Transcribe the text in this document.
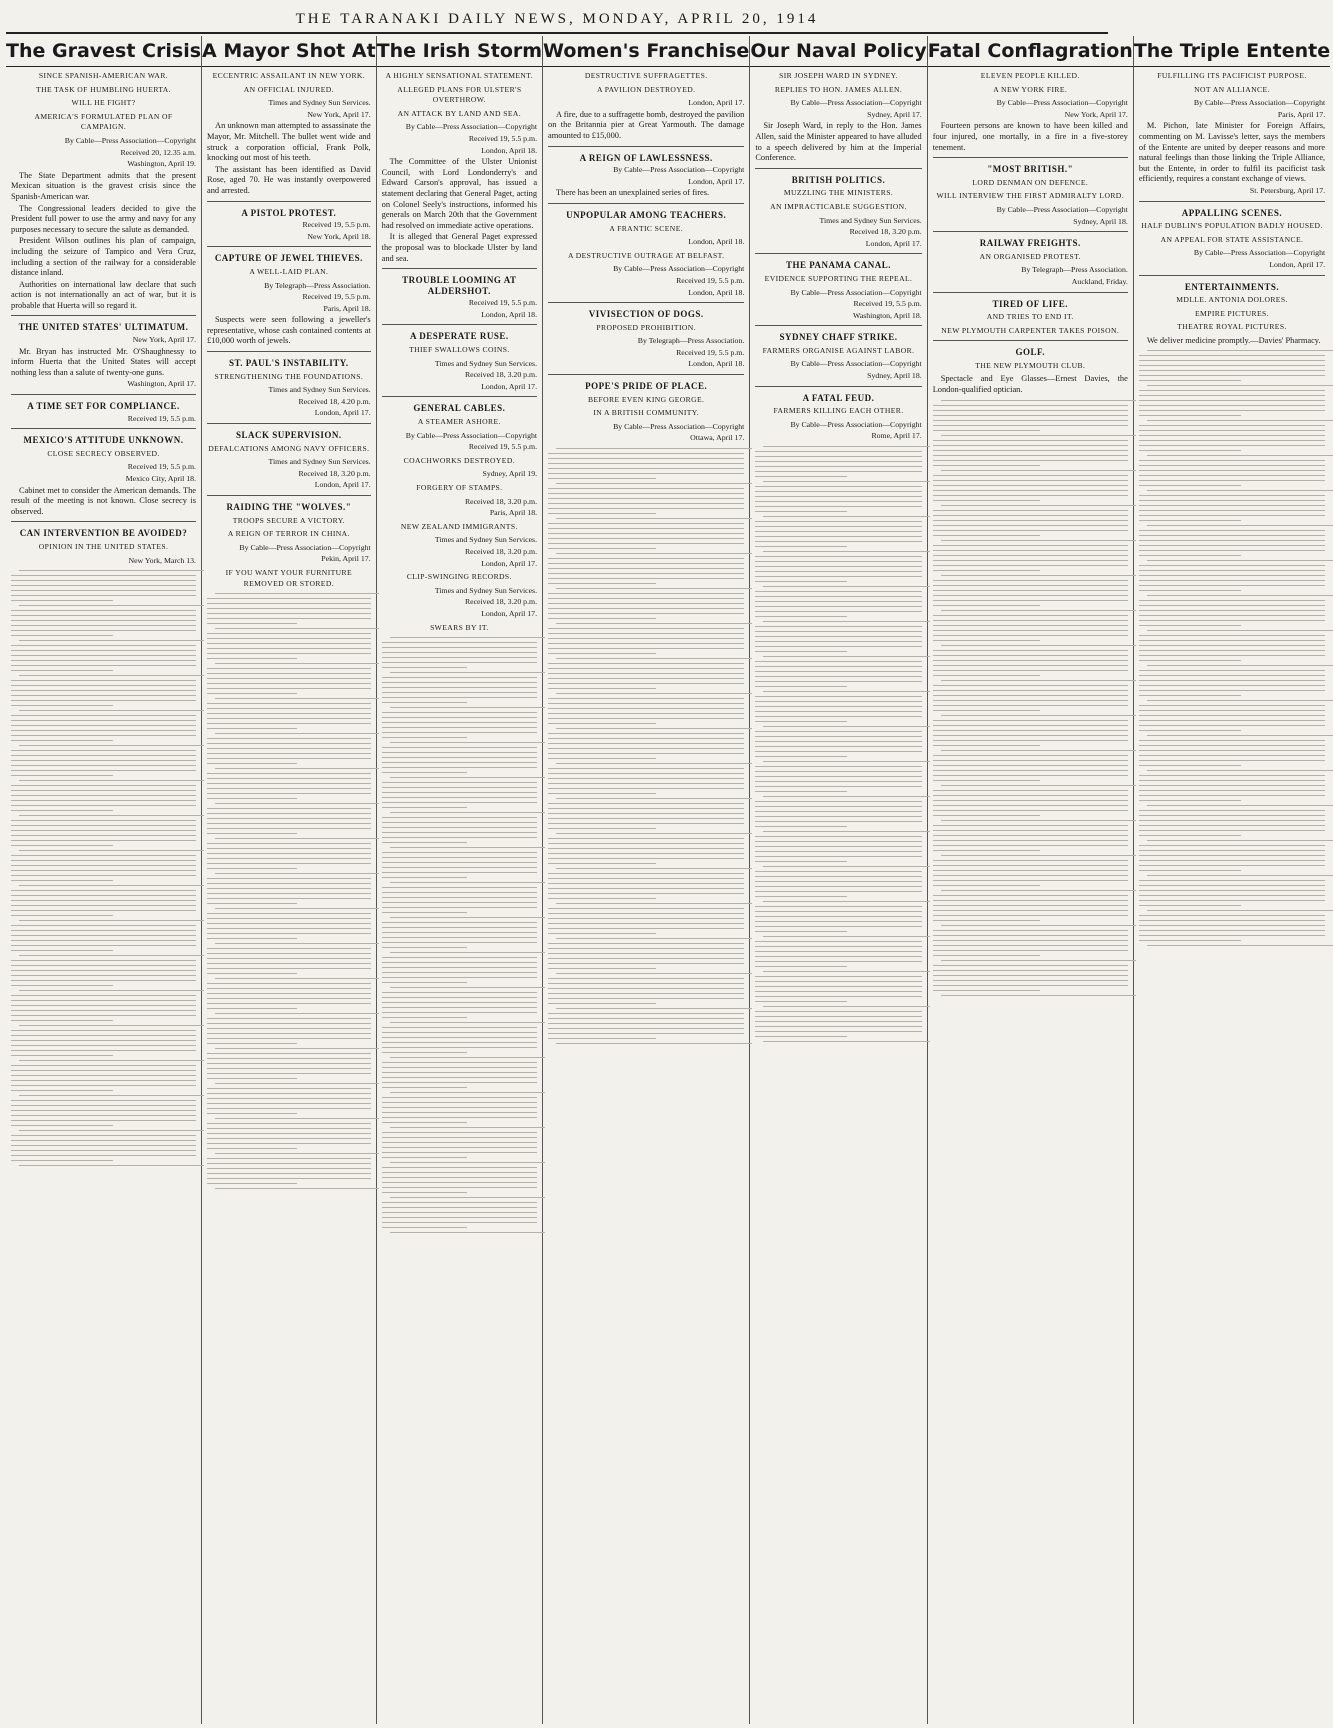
THE TARANAKI DAILY NEWS, MONDAY, APRIL 20, 1914
The Gravest Crisis
SINCE SPANISH-AMERICAN WAR.
THE TASK OF HUMBLING HUERTA.
WILL HE FIGHT?
AMERICA'S FORMULATED PLAN OF CAMPAIGN.
By Cable—Press Association—Copyright
Received 20, 12.35 a.m.
Washington, April 19.

The State Department admits that the present Mexican situation is the gravest crisis since the Spanish-American war.

The Congressional leaders decided to give the President full power to use the army and navy for any purposes necessary to secure the salute as demanded.

President Wilson outlines his plan of campaign, including the seizure of Tampico and Vera Cruz, including a section of the railway for a considerable distance inland.

Authorities on international law declare that such action is not internationally an act of war, but it is probable that Huerta will so regard it.

THE UNITED STATES' ULTIMATUM.
New York, April 17.

Mr. Bryan has instructed Mr. O'Shaughnessy to inform Huerta that the United States will accept nothing less than a salute of twenty-one guns.

Washington, April 17.
A TIME SET FOR COMPLIANCE.
Received 19, 5.5 p.m.
MEXICO'S ATTITUDE UNKNOWN.
CLOSE SECRECY OBSERVED.
Received 19, 5.5 p.m.
Mexico City, April 18.

Cabinet met to consider the American demands. The result of the meeting is not known. Close secrecy is observed.

CAN INTERVENTION BE AVOIDED?
OPINION IN THE UNITED STATES.
New York, March 13.
A Mayor Shot At
ECCENTRIC ASSAILANT IN NEW YORK.
AN OFFICIAL INJURED.
Times and Sydney Sun Services.
New York, April 17.

An unknown man attempted to assassinate the Mayor, Mr. Mitchell. The bullet went wide and struck a corporation official, Frank Polk, knocking out most of his teeth.

The assistant has been identified as David Rose, aged 70. He was instantly overpowered and arrested.

A PISTOL PROTEST.
Received 19, 5.5 p.m.
New York, April 18.
CAPTURE OF JEWEL THIEVES.
A WELL-LAID PLAN.
By Telegraph—Press Association.
Received 19, 5.5 p.m.
Paris, April 18.

Suspects were seen following a jeweller's representative, whose cash contained contents at £10,000 worth of jewels.

ST. PAUL'S INSTABILITY.
STRENGTHENING THE FOUNDATIONS.
Times and Sydney Sun Services.
Received 18, 4.20 p.m.
London, April 17.
SLACK SUPERVISION.
DEFALCATIONS AMONG NAVY OFFICERS.
Times and Sydney Sun Services.
Received 18, 3.20 p.m.
London, April 17.
RAIDING THE "WOLVES."
TROOPS SECURE A VICTORY.
A REIGN OF TERROR IN CHINA.
By Cable—Press Association—Copyright
Pekin, April 17.
IF YOU WANT YOUR FURNITURE REMOVED OR STORED.
The Irish Storm
A HIGHLY SENSATIONAL STATEMENT.
ALLEGED PLANS FOR ULSTER'S OVERTHROW.
AN ATTACK BY LAND AND SEA.
By Cable—Press Association—Copyright
Received 19, 5.5 p.m.
London, April 18.

The Committee of the Ulster Unionist Council, with Lord Londonderry's and Edward Carson's approval, has issued a statement declaring that General Paget, acting on Colonel Seely's instructions, informed his generals on March 20th that the Government had resolved on immediate active operations.

It is alleged that General Paget expressed the proposal was to blockade Ulster by land and sea.

TROUBLE LOOMING AT ALDERSHOT.
Received 19, 5.5 p.m.
London, April 18.
A DESPERATE RUSE.
THIEF SWALLOWS COINS.
Times and Sydney Sun Services.
Received 18, 3.20 p.m.
London, April 17.
GENERAL CABLES.
A STEAMER ASHORE.
By Cable—Press Association—Copyright
Received 19, 5.5 p.m.
COACHWORKS DESTROYED.
Sydney, April 19.
FORGERY OF STAMPS.
Received 18, 3.20 p.m.
Paris, April 18.
NEW ZEALAND IMMIGRANTS.
Times and Sydney Sun Services.
Received 18, 3.20 p.m.
London, April 17.
CLIP-SWINGING RECORDS.
Times and Sydney Sun Services.
Received 18, 3.20 p.m.
London, April 17.
SWEARS BY IT.
Women's Franchise
DESTRUCTIVE SUFFRAGETTES.
A PAVILION DESTROYED.
London, April 17.

A fire, due to a suffragette bomb, destroyed the pavilion on the Britannia pier at Great Yarmouth. The damage amounted to £15,000.

A REIGN OF LAWLESSNESS.
By Cable—Press Association—Copyright
London, April 17.

There has been an unexplained series of fires.

UNPOPULAR AMONG TEACHERS.
A FRANTIC SCENE.
London, April 18.
A DESTRUCTIVE OUTRAGE AT BELFAST.
By Cable—Press Association—Copyright
Received 19, 5.5 p.m.
London, April 18.
VIVISECTION OF DOGS.
PROPOSED PROHIBITION.
By Telegraph—Press Association.
Received 19, 5.5 p.m.
London, April 18.
POPE'S PRIDE OF PLACE.
BEFORE EVEN KING GEORGE.
IN A BRITISH COMMUNITY.
By Cable—Press Association—Copyright
Ottawa, April 17.
Our Naval Policy
SIR JOSEPH WARD IN SYDNEY.
REPLIES TO HON. JAMES ALLEN.
By Cable—Press Association—Copyright
Sydney, April 17.

Sir Joseph Ward, in reply to the Hon. James Allen, said the Minister appeared to have alluded to a speech delivered by him at the Imperial Conference.

BRITISH POLITICS.
MUZZLING THE MINISTERS.
AN IMPRACTICABLE SUGGESTION.
Times and Sydney Sun Services.
Received 18, 3.20 p.m.
London, April 17.
THE PANAMA CANAL.
EVIDENCE SUPPORTING THE REPEAL.
By Cable—Press Association—Copyright
Received 19, 5.5 p.m.
Washington, April 18.
SYDNEY CHAFF STRIKE.
FARMERS ORGANISE AGAINST LABOR.
By Cable—Press Association—Copyright
Sydney, April 18.
A FATAL FEUD.
FARMERS KILLING EACH OTHER.
By Cable—Press Association—Copyright
Rome, April 17.
Fatal Conflagration
ELEVEN PEOPLE KILLED.
A NEW YORK FIRE.
By Cable—Press Association—Copyright
New York, April 17.

Fourteen persons are known to have been killed and four injured, one mortally, in a fire in a five-storey tenement.

"MOST BRITISH."
LORD DENMAN ON DEFENCE.
WILL INTERVIEW THE FIRST ADMIRALTY LORD.
By Cable—Press Association—Copyright
Sydney, April 18.
RAILWAY FREIGHTS.
AN ORGANISED PROTEST.
By Telegraph—Press Association.
Auckland, Friday.
TIRED OF LIFE.
AND TRIES TO END IT.
NEW PLYMOUTH CARPENTER TAKES POISON.
GOLF.
THE NEW PLYMOUTH CLUB.

Spectacle and Eye Glasses—Ernest Davies, the London-qualified optician.

The Triple Entente
FULFILLING ITS PACIFICIST PURPOSE.
NOT AN ALLIANCE.
By Cable—Press Association—Copyright
Paris, April 17.

M. Pichon, late Minister for Foreign Affairs, commenting on M. Lavisse's letter, says the members of the Entente are united by deeper reasons and more natural feelings than those linking the Triple Alliance, but the Entente, in order to fulfil its pacificist task efficiently, requires a constant exchange of views.

St. Petersburg, April 17.
APPALLING SCENES.
HALF DUBLIN'S POPULATION BADLY HOUSED.
AN APPEAL FOR STATE ASSISTANCE.
By Cable—Press Association—Copyright
London, April 17.
ENTERTAINMENTS.
MDLLE. ANTONIA DOLORES.
EMPIRE PICTURES.
THEATRE ROYAL PICTURES.

We deliver medicine promptly.—Davies' Pharmacy.
